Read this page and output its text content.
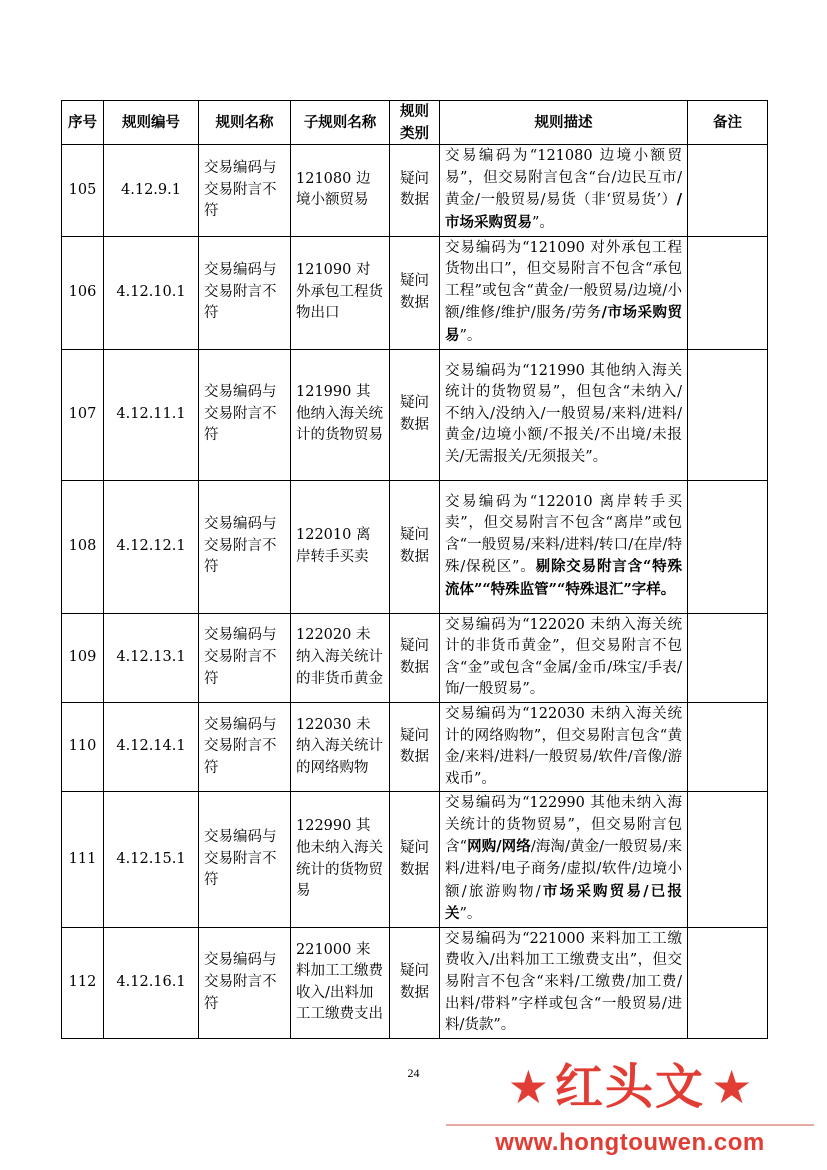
序号	规则编号	规则名称	子规则名称	规则类别	规则描述	备注
105	4.12.9.1	交易编码与交易附言不符	121080 边境小额贸易	疑问数据	交易编码为“121080 边境小额贸易”，但交易附言包含“台/边民互市/黄金/一般贸易/易货（非‘贸易货’）/市场采购贸易”。	
106	4.12.10.1	交易编码与交易附言不符	121090 对外承包工程货物出口	疑问数据	交易编码为“121090 对外承包工程货物出口”，但交易附言不包含“承包工程”或包含“黄金/一般贸易/边境/小额/维修/维护/服务/劳务/市场采购贸易”。	
107	4.12.11.1	交易编码与交易附言不符	121990 其他纳入海关统计的货物贸易	疑问数据	交易编码为“121990 其他纳入海关统计的货物贸易”，但包含“未纳入/不纳入/没纳入/一般贸易/来料/进料/黄金/边境小额/不报关/不出境/未报关/无需报关/无须报关”。	
108	4.12.12.1	交易编码与交易附言不符	122010 离岸转手买卖	疑问数据	交易编码为“122010 离岸转手买卖”，但交易附言不包含“离岸”或包含“一般贸易/来料/进料/转口/在岸/特殊/保税区”。剔除交易附言含“特殊流体”“特殊监管”“特殊退汇”字样。	
109	4.12.13.1	交易编码与交易附言不符	122020 未纳入海关统计的非货币黄金	疑问数据	交易编码为“122020 未纳入海关统计的非货币黄金”，但交易附言不包含“金”或包含“金属/金币/珠宝/手表/饰/一般贸易”。	
110	4.12.14.1	交易编码与交易附言不符	122030 未纳入海关统计的网络购物	疑问数据	交易编码为“122030 未纳入海关统计的网络购物”，但交易附言包含“黄金/来料/进料/一般贸易/软件/音像/游戏币”。	
111	4.12.15.1	交易编码与交易附言不符	122990 其他未纳入海关统计的货物贸易	疑问数据	交易编码为“122990 其他未纳入海关统计的货物贸易”，但交易附言包含“网购/网络/海淘/黄金/一般贸易/来料/进料/电子商务/虚拟/软件/边境小额/旅游购物/市场采购贸易/已报关”。	
112	4.12.16.1	交易编码与交易附言不符	221000 来料加工工缴费收入/出料加工工缴费支出	疑问数据	交易编码为“221000 来料加工工缴费收入/出料加工工缴费支出”，但交易附言不包含“来料/工缴费/加工费/出料/带料”字样或包含“一般贸易/进料/货款”。	
24	★ 红头文 ★
www.hongtouwen.com
